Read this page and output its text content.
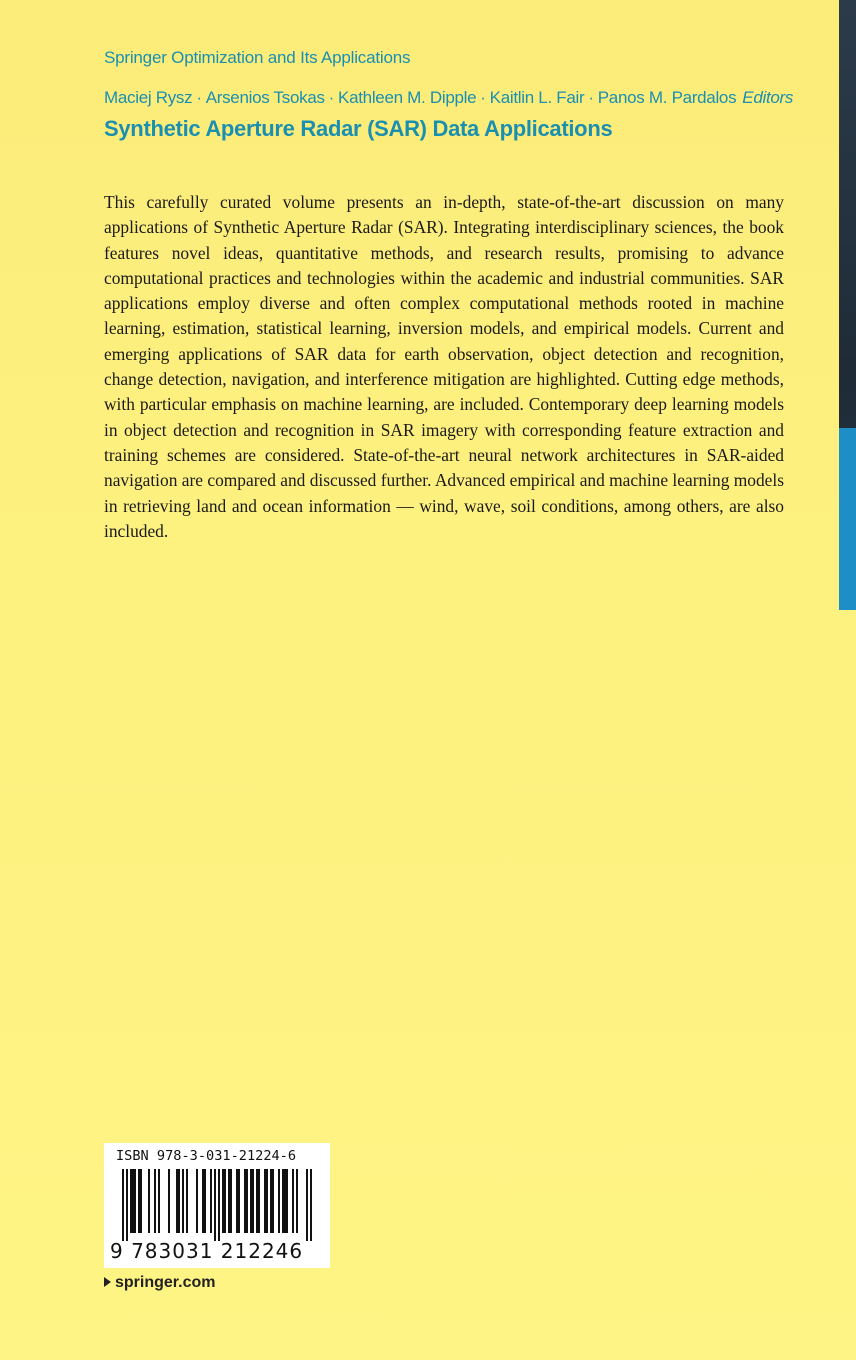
Springer Optimization and Its Applications
Maciej Rysz · Arsenios Tsokas · Kathleen M. Dipple · Kaitlin L. Fair · Panos M. Pardalos Editors
Synthetic Aperture Radar (SAR) Data Applications

This carefully curated volume presents an in-depth, state-of-the-art discussion on many applications of Synthetic Aperture Radar (SAR). Integrating interdisciplinary sciences, the book features novel ideas, quantitative methods, and research results, promising to advance computational practices and technologies within the academic and industrial communities. SAR applications employ diverse and often complex computational methods rooted in machine learning, estimation, statistical learning, inversion models, and empirical models. Current and emerging applications of SAR data for earth observation, object detection and recognition, change detection, navigation, and interference mitigation are highlighted. Cutting edge methods, with particular emphasis on machine learning, are included. Contemporary deep learning models in object detection and recognition in SAR imagery with corresponding feature extraction and training schemes are considered. State-of-the-art neural network architectures in SAR-aided navigation are compared and discussed further. Advanced empirical and machine learning models in retrieving land and ocean information — wind, wave, soil conditions, among others, are also included.

ISBN 978-3-031-21224-6
9 783031 212246
springer.com
